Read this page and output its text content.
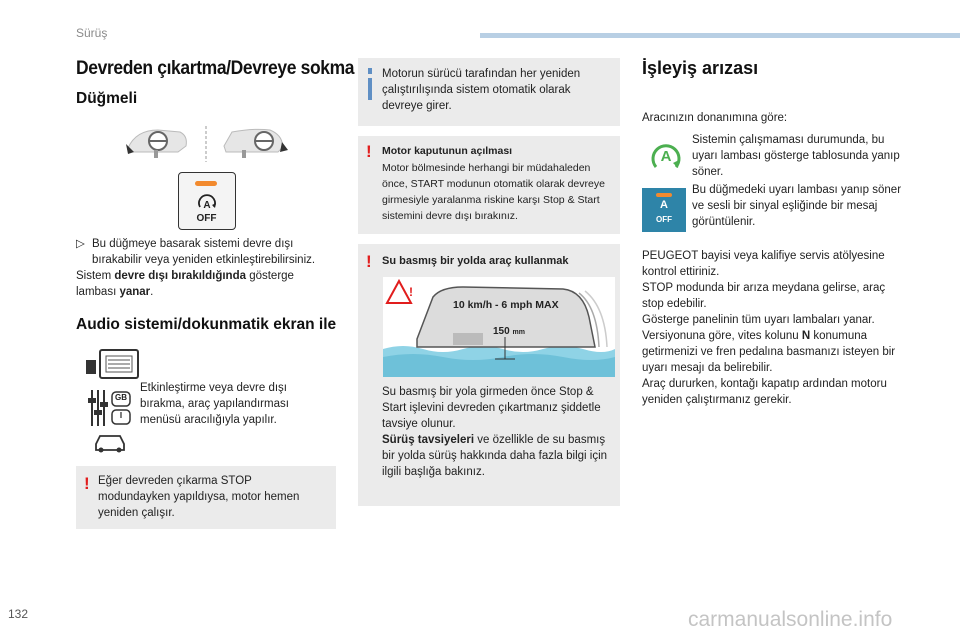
Sürüş
Devreden çıkartma/Devreye sokma
Düğmeli
A
OFF
▷ Bu düğmeye basarak sistemi devre dışı bırakabilir veya yeniden etkinleştirebilirsiniz.
Sistem devre dışı bırakıldığında gösterge
lambası yanar.
Audio sistemi/dokunmatik ekran ile
GB
I
Etkinleştirme veya devre dışı bırakma, araç yapılandırması menüsü aracılığıyla yapılır.
! Eğer devreden çıkarma STOP modundayken yapıldıysa, motor hemen yeniden çalışır.
Motorun sürücü tarafından her yeniden çalıştırılışında sistem otomatik olarak devreye girer.
! Motor kaputunun açılması
Motor bölmesinde herhangi bir müdahaleden önce, START modunun otomatik olarak devreye girmesiyle yaralanma riskine karşı Stop & Start sistemini devre dışı bırakınız.
! Su basmış bir yolda araç kullanmak
Su basmış bir yola girmeden önce Stop & Start işlevini devreden çıkartmanız şiddetle tavsiye olunur.
Sürüş tavsiyeleri ve özellikle de su basmış bir yolda sürüş hakkında daha fazla bilgi için ilgili başlığa bakınız.
!
10 km/h - 6 mph MAX
150 mm
İşleyiş arızası
Aracınızın donanımına göre:
A
Sistemin çalışmaması durumunda, bu uyarı lambası gösterge tablosunda yanıp söner.
A
OFF
Bu düğmedeki uyarı lambası yanıp söner ve sesli bir sinyal eşliğinde bir mesaj görüntülenir.
PEUGEOT bayisi veya kalifiye servis atölyesine kontrol ettiriniz.
STOP modunda bir arıza meydana gelirse, araç stop edebilir.
Gösterge panelinin tüm uyarı lambaları yanar.
Versiyonuna göre, vites kolunu N konumuna getirmenizi ve fren pedalına basmanızı isteyen bir uyarı mesajı da belirebilir.
Araç dururken, kontağı kapatıp ardından motoru yeniden çalıştırmanız gerekir.
132	carmanualsonline.info
